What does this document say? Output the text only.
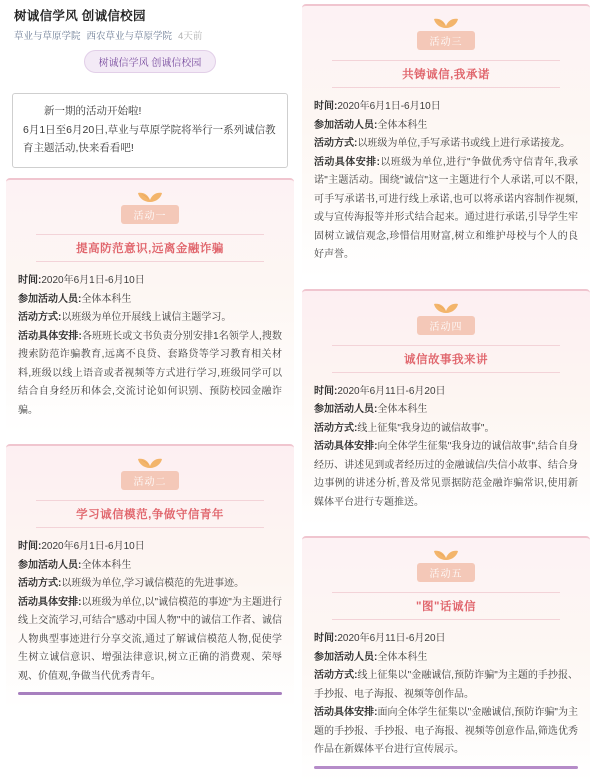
树诚信学风 创诚信校园
草业与草原学院 西农草业与草原学院 4天前
树诚信学风 创诚信校园
新一期的活动开始啦!
6月1日至6月20日,草业与草原学院将举行一系列诚信教育主题活动,快来看看吧!
活动一
提高防范意识,远离金融诈骗
时间:2020年6月1日-6月10日
参加活动人员:全体本科生
活动方式:以班级为单位开展线上诚信主题学习。
活动具体安排:各班班长或文书负责分别安排1名领学人,搜数搜索防范诈骗教育,远离不良贷、套路贷等学习教育相关材料,班级以线上语音或者视频等方式进行学习,班级同学可以结合自身经历和体会,交流讨论如何识别、预防校园金融诈骗。
活动二
学习诚信模范,争做守信青年
时间:2020年6月1日-6月10日
参加活动人员:全体本科生
活动方式:以班级为单位,学习诚信模范的先进事迹。
活动具体安排:以班级为单位,以"诚信模范的事迹"为主题进行线上交流学习,可结合"感动中国人物"中的诚信工作者、诚信人物典型事迹进行分享交流,通过了解诚信模范人物,促使学生树立诚信意识、增强法律意识,树立正确的消费观、荣辱观、价值观,争做当代优秀青年。
活动三
共铸诚信,我承诺
时间:2020年6月1日-6月10日
参加活动人员:全体本科生
活动方式:以班级为单位,手写承诺书或线上进行承诺接龙。
活动具体安排:以班级为单位,进行"争做优秀守信青年,我承诺"主题活动。围绕"诚信"这一主题进行个人承诺,可以不限,可手写承诺书,可进行线上承诺,也可以将承诺内容制作视频,或与宣传海报等并形式结合起来。通过进行承诺,引导学生牢固树立诚信观念,珍惜信用财富,树立和维护母校与个人的良好声誉。
活动四
诚信故事我来讲
时间:2020年6月11日-6月20日
参加活动人员:全体本科生
活动方式:线上征集"我身边的诚信故事"。
活动具体安排:向全体学生征集"我身边的诚信故事",结合自身经历、讲述见到或者经历过的金融诚信/失信小故事、结合身边事例的讲述分析,普及常见票据防范金融诈骗常识,使用新媒体平台进行专题推送。
活动五
"图"话诚信
时间:2020年6月11日-6月20日
参加活动人员:全体本科生
活动方式:线上征集以"金融诚信,预防诈骗"为主题的手抄报、手抄报、电子海报、视频等创作品。
活动具体安排:面向全体学生征集以"金融诚信,预防诈骗"为主题的手抄报、手抄报、电子海报、视频等创意作品,筛选优秀作品在新媒体平台进行宣传展示。
